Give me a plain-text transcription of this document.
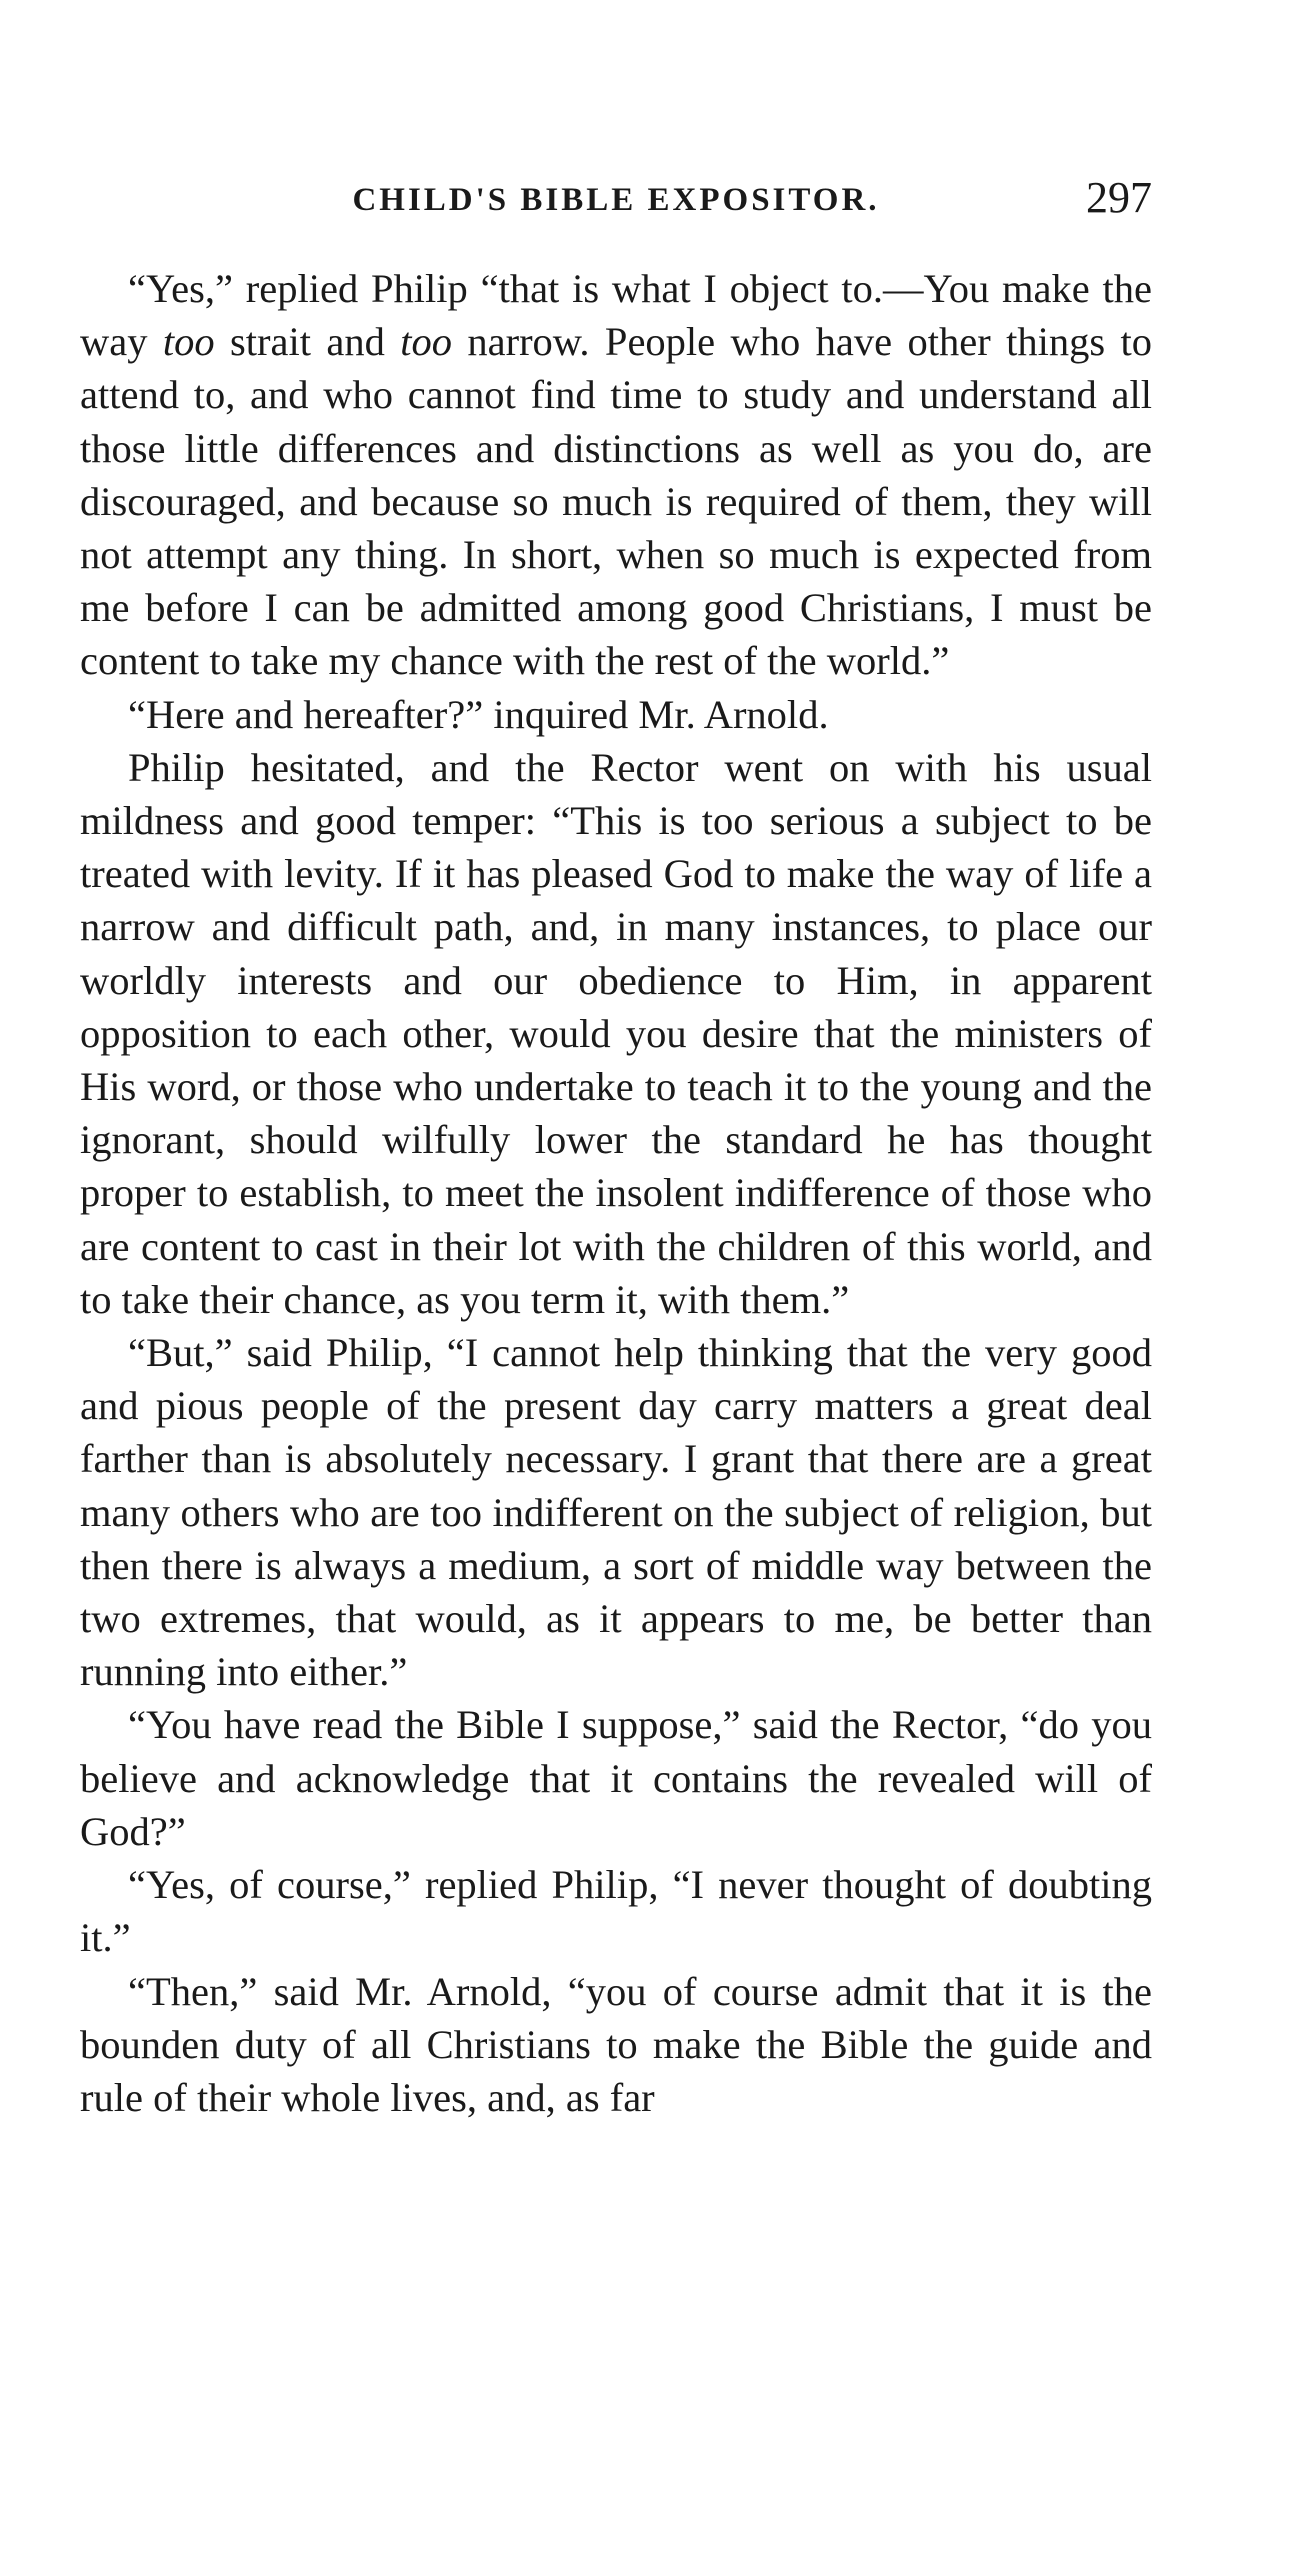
CHILD'S BIBLE EXPOSITOR.	297

“Yes,” replied Philip “that is what I object to.—You make the way too strait and too narrow. People who have other things to attend to, and who cannot find time to study and understand all those little differences and distinctions as well as you do, are discouraged, and because so much is required of them, they will not attempt any thing. In short, when so much is expected from me before I can be admitted among good Christians, I must be content to take my chance with the rest of the world.”

“Here and hereafter?” inquired Mr. Arnold.

Philip hesitated, and the Rector went on with his usual mildness and good temper: “This is too serious a subject to be treated with levity. If it has pleased God to make the way of life a narrow and difficult path, and, in many instances, to place our worldly interests and our obedience to Him, in apparent opposition to each other, would you desire that the ministers of His word, or those who undertake to teach it to the young and the ignorant, should wilfully lower the standard he has thought proper to establish, to meet the insolent indifference of those who are content to cast in their lot with the children of this world, and to take their chance, as you term it, with them.”

“But,” said Philip, “I cannot help thinking that the very good and pious people of the present day carry matters a great deal farther than is absolutely necessary. I grant that there are a great many others who are too indifferent on the subject of religion, but then there is always a medium, a sort of middle way between the two extremes, that would, as it appears to me, be better than running into either.”

“You have read the Bible I suppose,” said the Rector, “do you believe and acknowledge that it contains the revealed will of God?”

“Yes, of course,” replied Philip, “I never thought of doubting it.”

“Then,” said Mr. Arnold, “you of course admit that it is the bounden duty of all Christians to make the Bible the guide and rule of their whole lives, and, as far
